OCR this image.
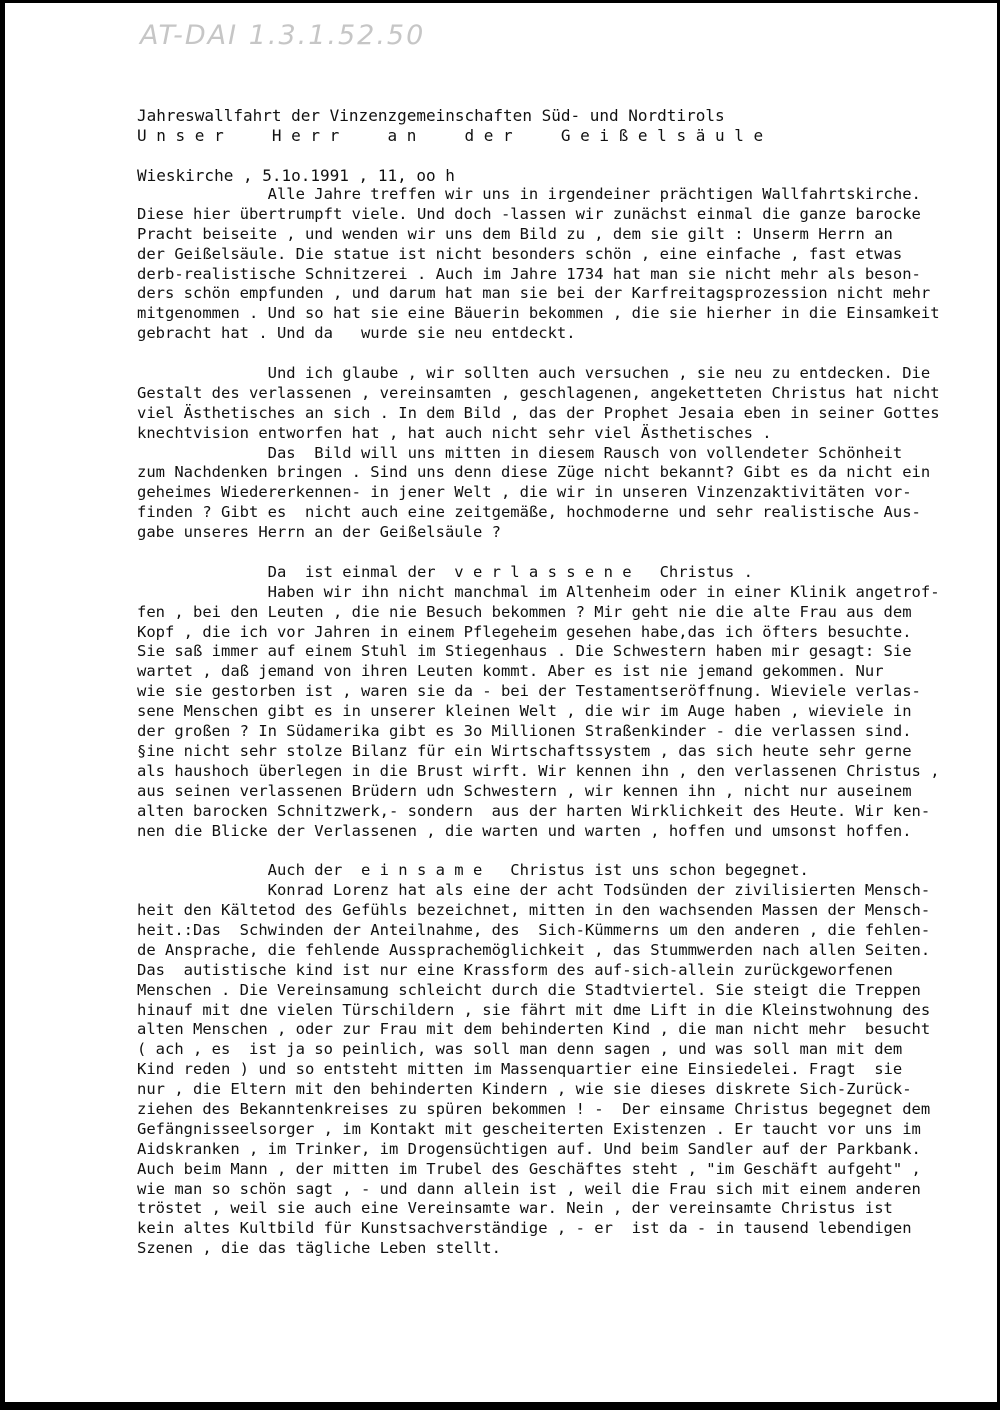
AT-DAI 1.3.1.52.50

Jahreswallfahrt der Vinzenzgemeinschaften Süd- und Nordtirols

Wieskirche , 5.1o.1991 , 11, oo h

U n s e r     H e r r     a n     d e r     G e i ß e l s ä u l e
Alle Jahre treffen wir uns in irgendeiner prächtigen Wallfahrtskirche.
Diese hier übertrumpft viele. Und doch -lassen wir zunächst einmal die ganze barocke
Pracht beiseite , und wenden wir uns dem Bild zu , dem sie gilt : Unserm Herrn an
der Geißelsäule. Die statue ist nicht besonders schön , eine einfache , fast etwas
derb-realistische Schnitzerei . Auch im Jahre 1734 hat man sie nicht mehr als beson-
ders schön empfunden , und darum hat man sie bei der Karfreitagsprozession nicht mehr
mitgenommen . Und so hat sie eine Bäuerin bekommen , die sie hierher in die Einsamkeit
gebracht hat . Und da   wurde sie neu entdeckt.
Und ich glaube , wir sollten auch versuchen , sie neu zu entdecken. Die
Gestalt des verlassenen , vereinsamten , geschlagenen, angeketteten Christus hat nicht
viel Ästhetisches an sich . In dem Bild , das der Prophet Jesaia eben in seiner Gottes
knechtvision entworfen hat , hat auch nicht sehr viel Ästhetisches .
Das  Bild will uns mitten in diesem Rausch von vollendeter Schönheit
zum Nachdenken bringen . Sind uns denn diese Züge nicht bekannt? Gibt es da nicht ein
geheimes Wiedererkennen- in jener Welt , die wir in unseren Vinzenzaktivitäten vor-
finden ? Gibt es  nicht auch eine zeitgemäße, hochmoderne und sehr realistische Aus-
gabe unseres Herrn an der Geißelsäule ?
Da  ist einmal der  v e r l a s s e n e   Christus .
Haben wir ihn nicht manchmal im Altenheim oder in einer Klinik angetrof-
fen , bei den Leuten , die nie Besuch bekommen ? Mir geht nie die alte Frau aus dem
Kopf , die ich vor Jahren in einem Pflegeheim gesehen habe,das ich öfters besuchte.
Sie saß immer auf einem Stuhl im Stiegenhaus . Die Schwestern haben mir gesagt: Sie
wartet , daß jemand von ihren Leuten kommt. Aber es ist nie jemand gekommen. Nur
wie sie gestorben ist , waren sie da - bei der Testamentseröffnung. Wieviele verlas-
sene Menschen gibt es in unserer kleinen Welt , die wir im Auge haben , wieviele in
der großen ? In Südamerika gibt es 3o Millionen Straßenkinder - die verlassen sind.
§ine nicht sehr stolze Bilanz für ein Wirtschaftssystem , das sich heute sehr gerne
als haushoch überlegen in die Brust wirft. Wir kennen ihn , den verlassenen Christus ,
aus seinen verlassenen Brüdern udn Schwestern , wir kennen ihn , nicht nur auseinem
alten barocken Schnitzwerk,- sondern  aus der harten Wirklichkeit des Heute. Wir ken-
nen die Blicke der Verlassenen , die warten und warten , hoffen und umsonst hoffen.
Auch der  e i n s a m e   Christus ist uns schon begegnet.
Konrad Lorenz hat als eine der acht Todsünden der zivilisierten Mensch-
heit den Kältetod des Gefühls bezeichnet, mitten in den wachsenden Massen der Mensch-
heit.:Das  Schwinden der Anteilnahme, des  Sich-Kümmerns um den anderen , die fehlen-
de Ansprache, die fehlende Aussprachemöglichkeit , das Stummwerden nach allen Seiten.
Das  autistische kind ist nur eine Krassform des auf-sich-allein zurückgeworfenen
Menschen . Die Vereinsamung schleicht durch die Stadtviertel. Sie steigt die Treppen
hinauf mit dne vielen Türschildern , sie fährt mit dme Lift in die Kleinstwohnung des
alten Menschen , oder zur Frau mit dem behinderten Kind , die man nicht mehr  besucht
( ach , es  ist ja so peinlich, was soll man denn sagen , und was soll man mit dem
Kind reden ) und so entsteht mitten im Massenquartier eine Einsiedelei. Fragt  sie
nur , die Eltern mit den behinderten Kindern , wie sie dieses diskrete Sich-Zurück-
ziehen des Bekanntenkreises zu spüren bekommen ! -  Der einsame Christus begegnet dem
Gefängnisseelsorger , im Kontakt mit gescheiterten Existenzen . Er taucht vor uns im
Aidskranken , im Trinker, im Drogensüchtigen auf. Und beim Sandler auf der Parkbank.
Auch beim Mann , der mitten im Trubel des Geschäftes steht , "im Geschäft aufgeht" ,
wie man so schön sagt , - und dann allein ist , weil die Frau sich mit einem anderen
tröstet , weil sie auch eine Vereinsamte war. Nein , der vereinsamte Christus ist
kein altes Kultbild für Kunstsachverständige , - er  ist da - in tausend lebendigen
Szenen , die das tägliche Leben stellt.
